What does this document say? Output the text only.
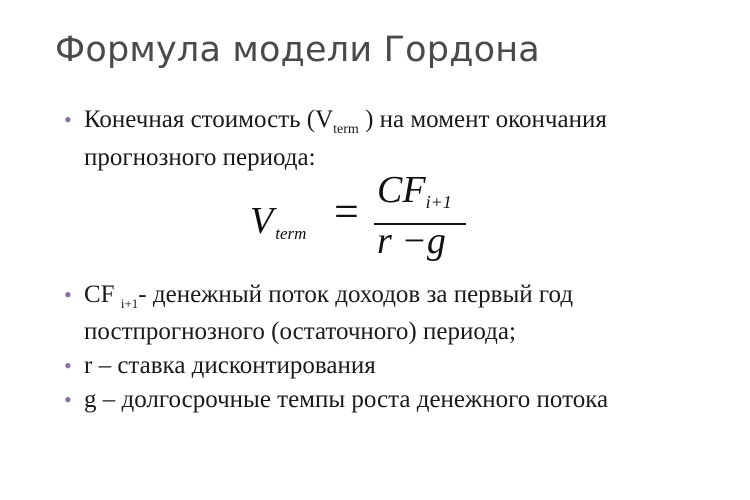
Формула модели Гордона
• Конечная стоимость ($V_{term}$ ) на момент окончания прогнозного периода:
Vterm = CFi+1
r −g
• CF $_{i+1}$- денежный поток доходов за первый год постпрогнозного (остаточного) периода;
• r – ставка дисконтирования
• g – долгосрочные темпы роста денежного потока
